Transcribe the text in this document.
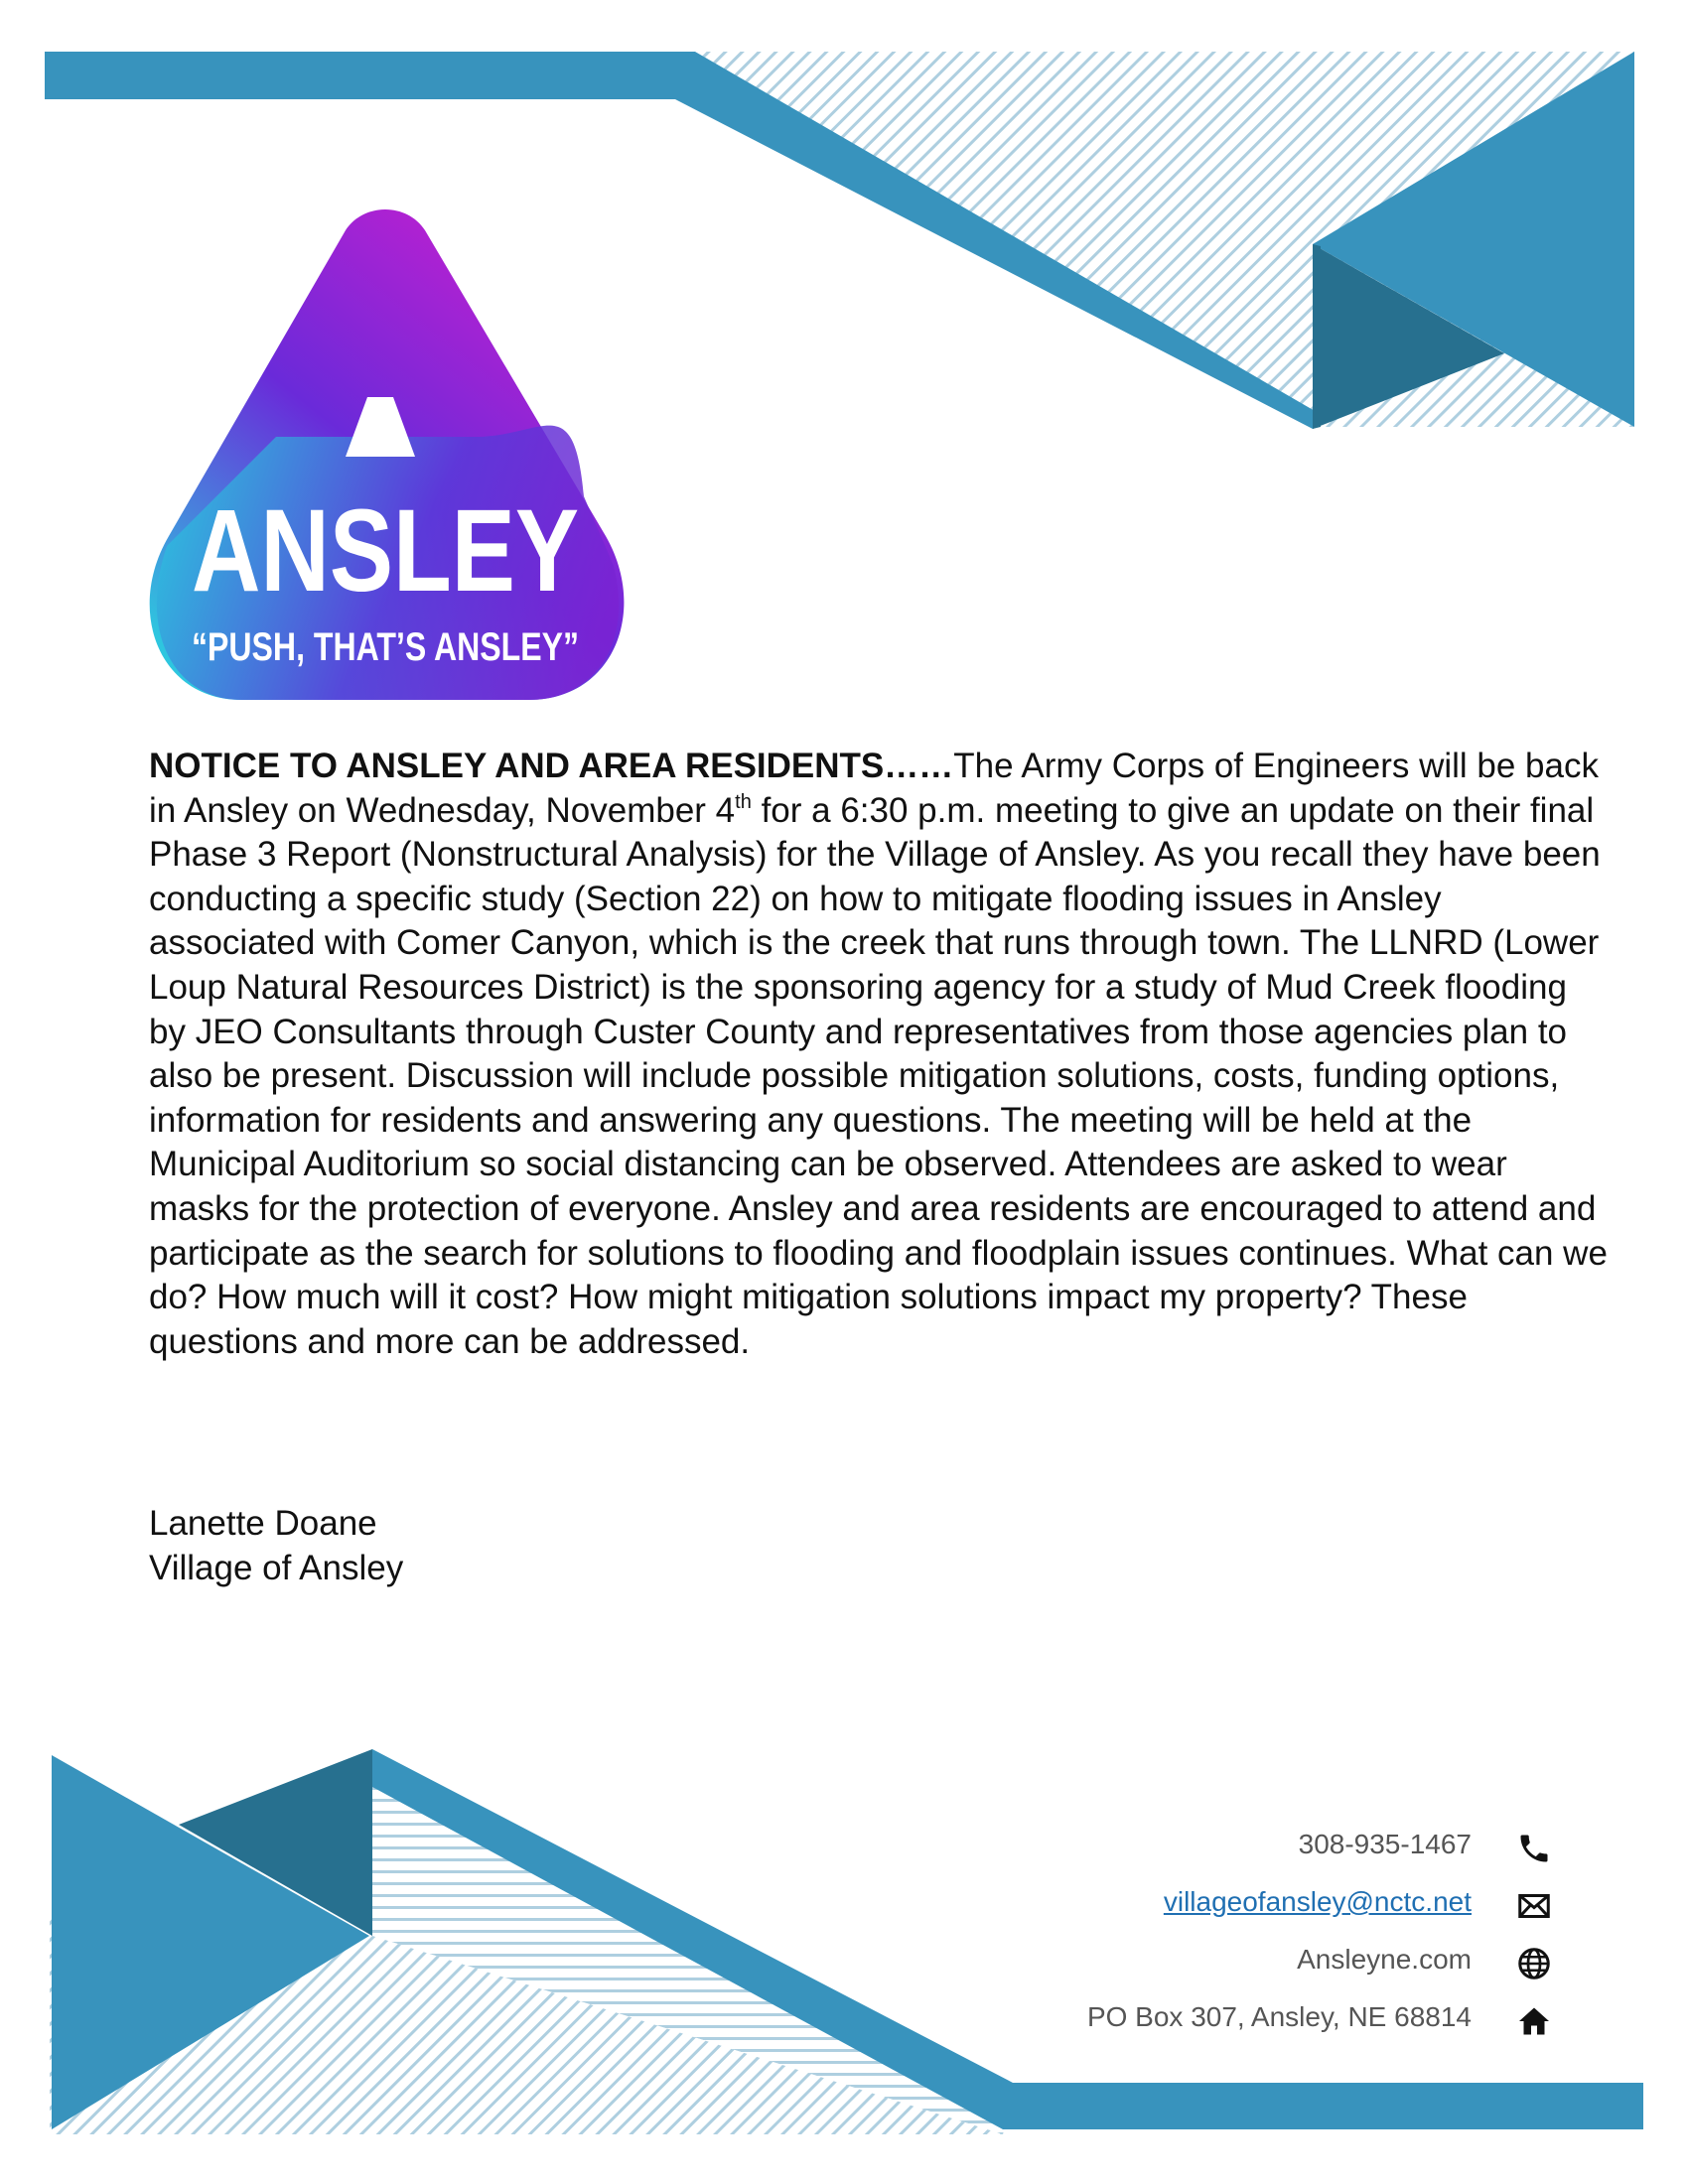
ANSLEY
“PUSH, THAT’S ANSLEY”
NOTICE TO ANSLEY AND AREA RESIDENTS……The Army Corps of Engineers will be back in Ansley on Wednesday, November 4th for a 6:30 p.m. meeting to give an update on their final Phase 3 Report (Nonstructural Analysis) for the Village of Ansley. As you recall they have been conducting a specific study (Section 22) on how to mitigate flooding issues in Ansley associated with Comer Canyon, which is the creek that runs through town. The LLNRD (Lower Loup Natural Resources District) is the sponsoring agency for a study of Mud Creek flooding by JEO Consultants through Custer County and representatives from those agencies plan to also be present. Discussion will include possible mitigation solutions, costs, funding options, information for residents and answering any questions. The meeting will be held at the Municipal Auditorium so social distancing can be observed. Attendees are asked to wear masks for the protection of everyone. Ansley and area residents are encouraged to attend and participate as the search for solutions to flooding and floodplain issues continues. What can we do? How much will it cost? How might mitigation solutions impact my property? These questions and more can be addressed.
Lanette Doane
Village of Ansley
308-935-1467
villageofansley@nctc.net
Ansleyne.com
PO Box 307, Ansley, NE 68814
